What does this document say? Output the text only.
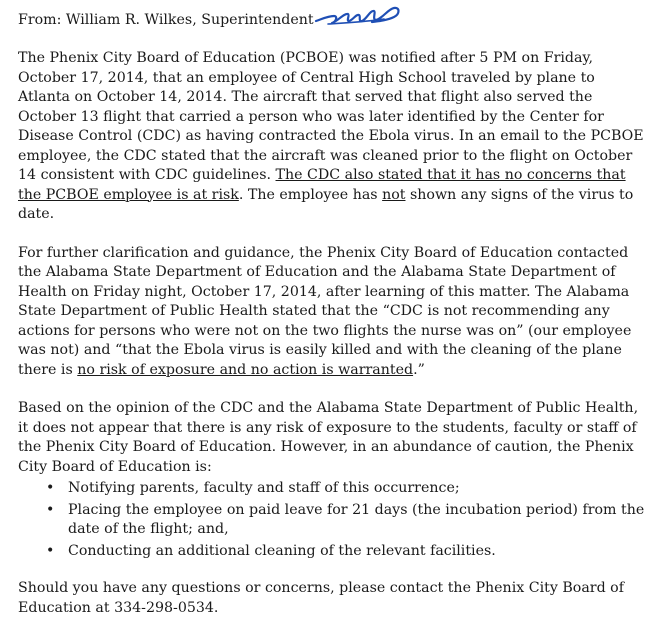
From:
William R. Wilkes, Superintendent

The Phenix City Board of Education (PCBOE) was notified after 5 PM on Friday, October 17, 2014, that an employee of Central High School traveled by plane to Atlanta on October 14, 2014. The aircraft that served that flight also served the October 13 flight that carried a person who was later identified by the Center for Disease Control (CDC) as having contracted the Ebola virus. In an email to the PCBOE employee, the CDC stated that the aircraft was cleaned prior to the flight on October 14 consistent with CDC guidelines. The CDC also stated that it has no concerns that the PCBOE employee is at risk. The employee has not shown any signs of the virus to date.

For further clarification and guidance, the Phenix City Board of Education contacted the Alabama State Department of Education and the Alabama State Department of Health on Friday night, October 17, 2014, after learning of this matter. The Alabama State Department of Public Health stated that the “CDC is not recommending any actions for persons who were not on the two flights the nurse was on” (our employee was not) and “that the Ebola virus is easily killed and with the cleaning of the plane there is no risk of exposure and no action is warranted.”

Based on the opinion of the CDC and the Alabama State Department of Public Health, it does not appear that there is any risk of exposure to the students, faculty or staff of the Phenix City Board of Education. However, in an abundance of caution, the Phenix City Board of Education is:

• Notifying parents, faculty and staff of this occurrence;
• Placing the employee on paid leave for 21 days (the incubation period) from the date of the flight; and,
• Conducting an additional cleaning of the relevant facilities.

Should you have any questions or concerns, please contact the Phenix City Board of Education at 334-298-0534.
